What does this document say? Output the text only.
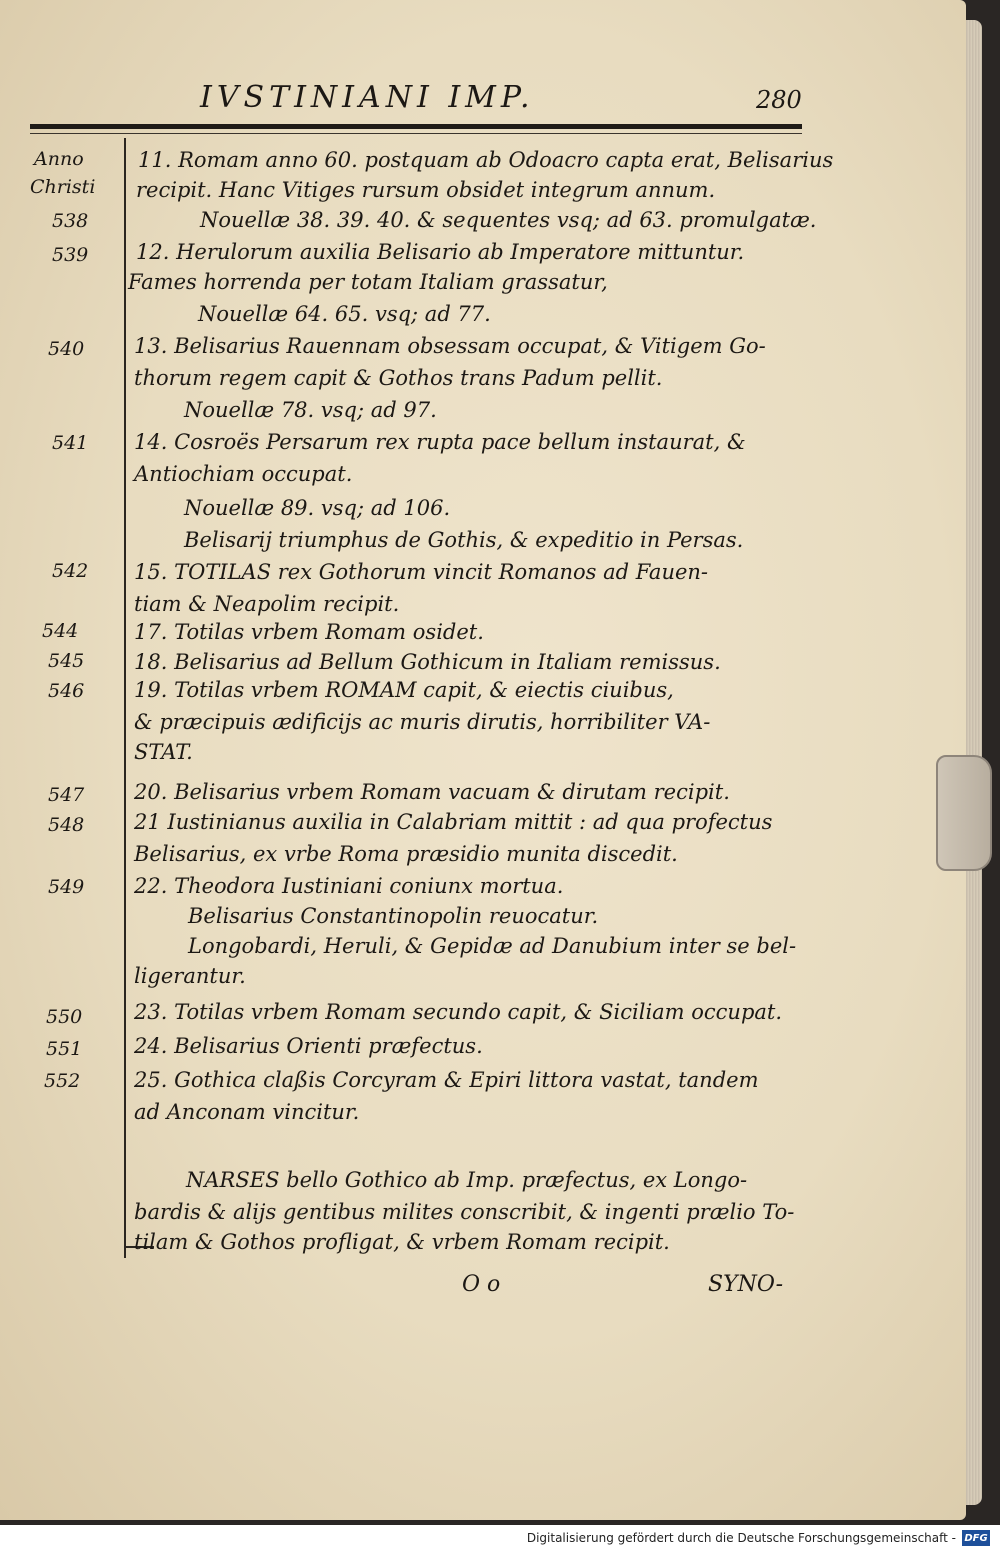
IVSTINIANI IMP.	280
Anno
Christi
538
539
540
541
542
544
545
546
547
548
549
550
551
552
11. Romam anno 60. postquam ab Odoacro capta erat, Belisarius
recipit. Hanc Vitiges rursum obsidet integrum annum.
Nouellæ 38. 39. 40. & sequentes vsq; ad 63. promulgatæ.
12. Herulorum auxilia Belisario ab Imperatore mittuntur.
Fames horrenda per totam Italiam grassatur,
Nouellæ 64. 65. vsq; ad 77.
13. Belisarius Rauennam obsessam occupat, & Vitigem Go-
thorum regem capit & Gothos trans Padum pellit.
Nouellæ 78. vsq; ad 97.
14. Cosroës Persarum rex rupta pace bellum instaurat, &
Antiochiam occupat.
Nouellæ 89. vsq; ad 106.
Belisarij triumphus de Gothis, & expeditio in Persas.
15. TOTILAS rex Gothorum vincit Romanos ad Fauen-
tiam & Neapolim recipit.
17. Totilas vrbem Romam osidet.
18. Belisarius ad Bellum Gothicum in Italiam remissus.
19. Totilas vrbem ROMAM capit, & eiectis ciuibus,
& præcipuis ædificijs ac muris dirutis, horribiliter VA-
STAT.
20. Belisarius vrbem Romam vacuam & dirutam recipit.
21 Iustinianus auxilia in Calabriam mittit : ad qua profectus
Belisarius, ex vrbe Roma præsidio munita discedit.
22. Theodora Iustiniani coniunx mortua.
Belisarius Constantinopolin reuocatur.
Longobardi, Heruli, & Gepidæ ad Danubium inter se bel-
ligerantur.
23. Totilas vrbem Romam secundo capit, & Siciliam occupat.
24. Belisarius Orienti præfectus.
25. Gothica claßis Corcyram & Epiri littora vastat, tandem
ad Anconam vincitur.
NARSES bello Gothico ab Imp. præfectus, ex Longo-
bardis & alijs gentibus milites conscribit, & ingenti prælio To-
tilam & Gothos profligat, & vrbem Romam recipit.
O o	SYNO-
Digitalisierung gefördert durch die Deutsche Forschungsgemeinschaft - DFG
